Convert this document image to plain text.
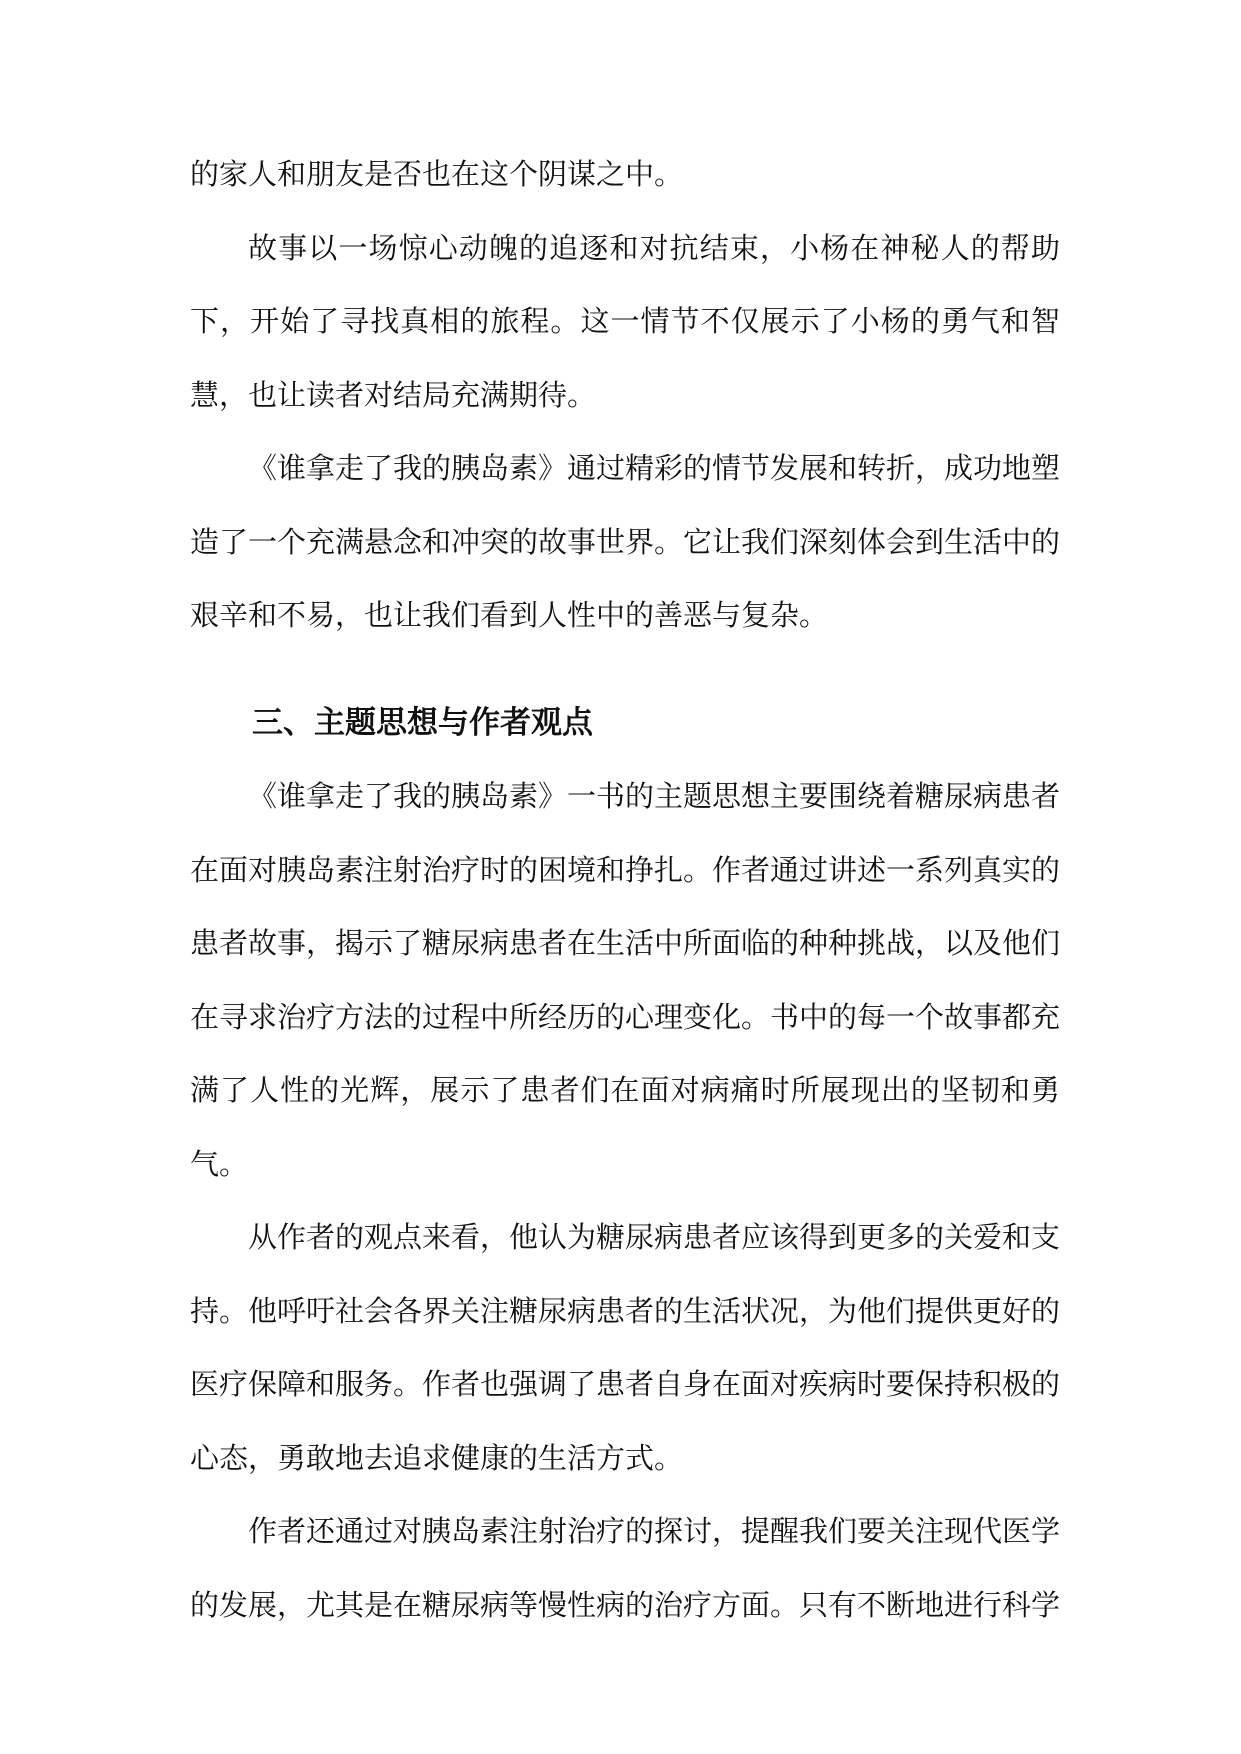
的家人和朋友是否也在这个阴谋之中。

故事以一场惊心动魄的追逐和对抗结束，小杨在神秘人的帮助下，开始了寻找真相的旅程。这一情节不仅展示了小杨的勇气和智慧，也让读者对结局充满期待。

《谁拿走了我的胰岛素》通过精彩的情节发展和转折，成功地塑造了一个充满悬念和冲突的故事世界。它让我们深刻体会到生活中的艰辛和不易，也让我们看到人性中的善恶与复杂。

三、主题思想与作者观点

《谁拿走了我的胰岛素》一书的主题思想主要围绕着糖尿病患者在面对胰岛素注射治疗时的困境和挣扎。作者通过讲述一系列真实的患者故事，揭示了糖尿病患者在生活中所面临的种种挑战，以及他们在寻求治疗方法的过程中所经历的心理变化。书中的每一个故事都充满了人性的光辉，展示了患者们在面对病痛时所展现出的坚韧和勇气。

从作者的观点来看，他认为糖尿病患者应该得到更多的关爱和支持。他呼吁社会各界关注糖尿病患者的生活状况，为他们提供更好的医疗保障和服务。作者也强调了患者自身在面对疾病时要保持积极的心态，勇敢地去追求健康的生活方式。

作者还通过对胰岛素注射治疗的探讨，提醒我们要关注现代医学的发展，尤其是在糖尿病等慢性病的治疗方面。只有不断地进行科学
